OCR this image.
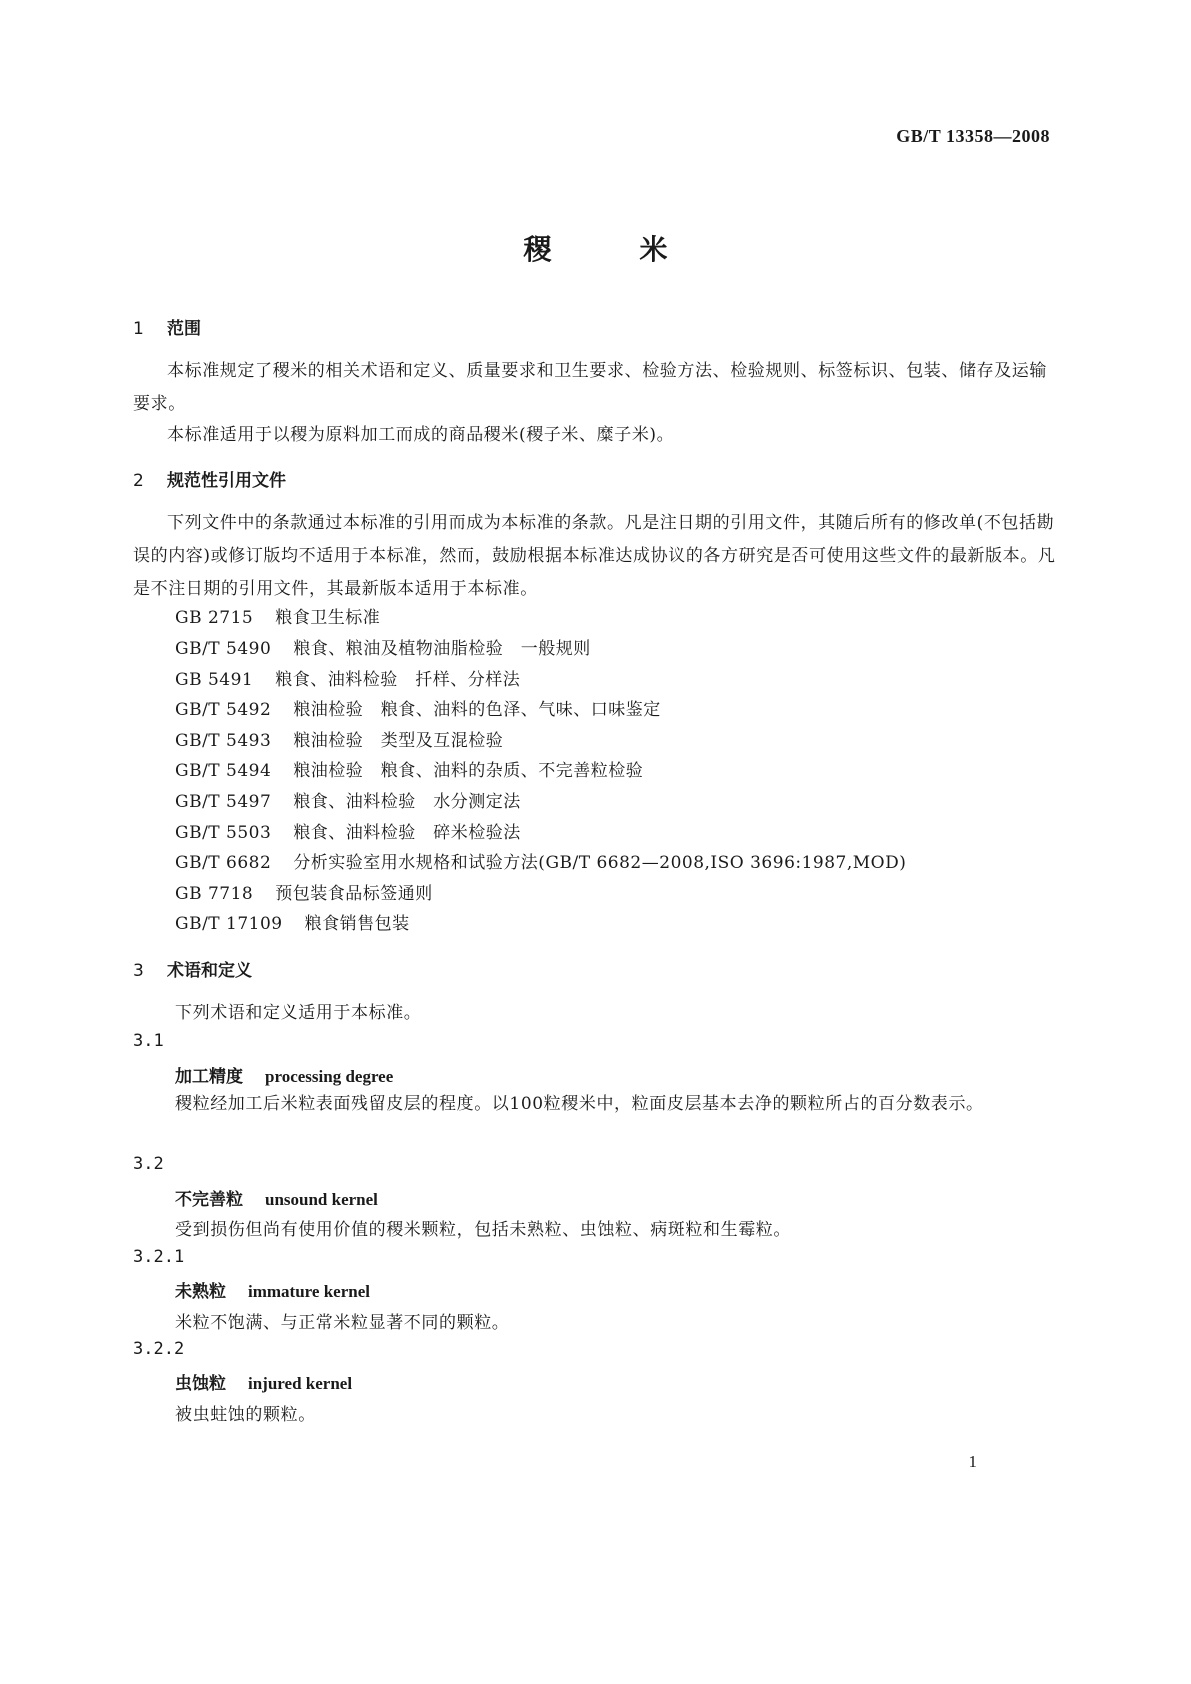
GB/T 13358—2008
稷米
1 范围
本标准规定了稷米的相关术语和定义、质量要求和卫生要求、检验方法、检验规则、标签标识、包装、储存及运输要求。
本标准适用于以稷为原料加工而成的商品稷米(稷子米、糜子米)。
2 规范性引用文件
下列文件中的条款通过本标准的引用而成为本标准的条款。凡是注日期的引用文件，其随后所有的修改单(不包括勘误的内容)或修订版均不适用于本标准，然而，鼓励根据本标准达成协议的各方研究是否可使用这些文件的最新版本。凡是不注日期的引用文件，其最新版本适用于本标准。
GB 2715 粮食卫生标准
GB/T 5490 粮食、粮油及植物油脂检验　一般规则
GB 5491 粮食、油料检验　扦样、分样法
GB/T 5492 粮油检验　粮食、油料的色泽、气味、口味鉴定
GB/T 5493 粮油检验　类型及互混检验
GB/T 5494 粮油检验　粮食、油料的杂质、不完善粒检验
GB/T 5497 粮食、油料检验　水分测定法
GB/T 5503 粮食、油料检验　碎米检验法
GB/T 6682 分析实验室用水规格和试验方法(GB/T 6682—2008,ISO 3696:1987,MOD)
GB 7718 预包装食品标签通则
GB/T 17109 粮食销售包装
3 术语和定义
下列术语和定义适用于本标准。
3.1
加工精度 processing degree
稷粒经加工后米粒表面残留皮层的程度。以100粒稷米中，粒面皮层基本去净的颗粒所占的百分数表示。
3.2
不完善粒 unsound kernel
受到损伤但尚有使用价值的稷米颗粒，包括未熟粒、虫蚀粒、病斑粒和生霉粒。
3.2.1
未熟粒 immature kernel
米粒不饱满、与正常米粒显著不同的颗粒。
3.2.2
虫蚀粒 injured kernel
被虫蛀蚀的颗粒。
1
